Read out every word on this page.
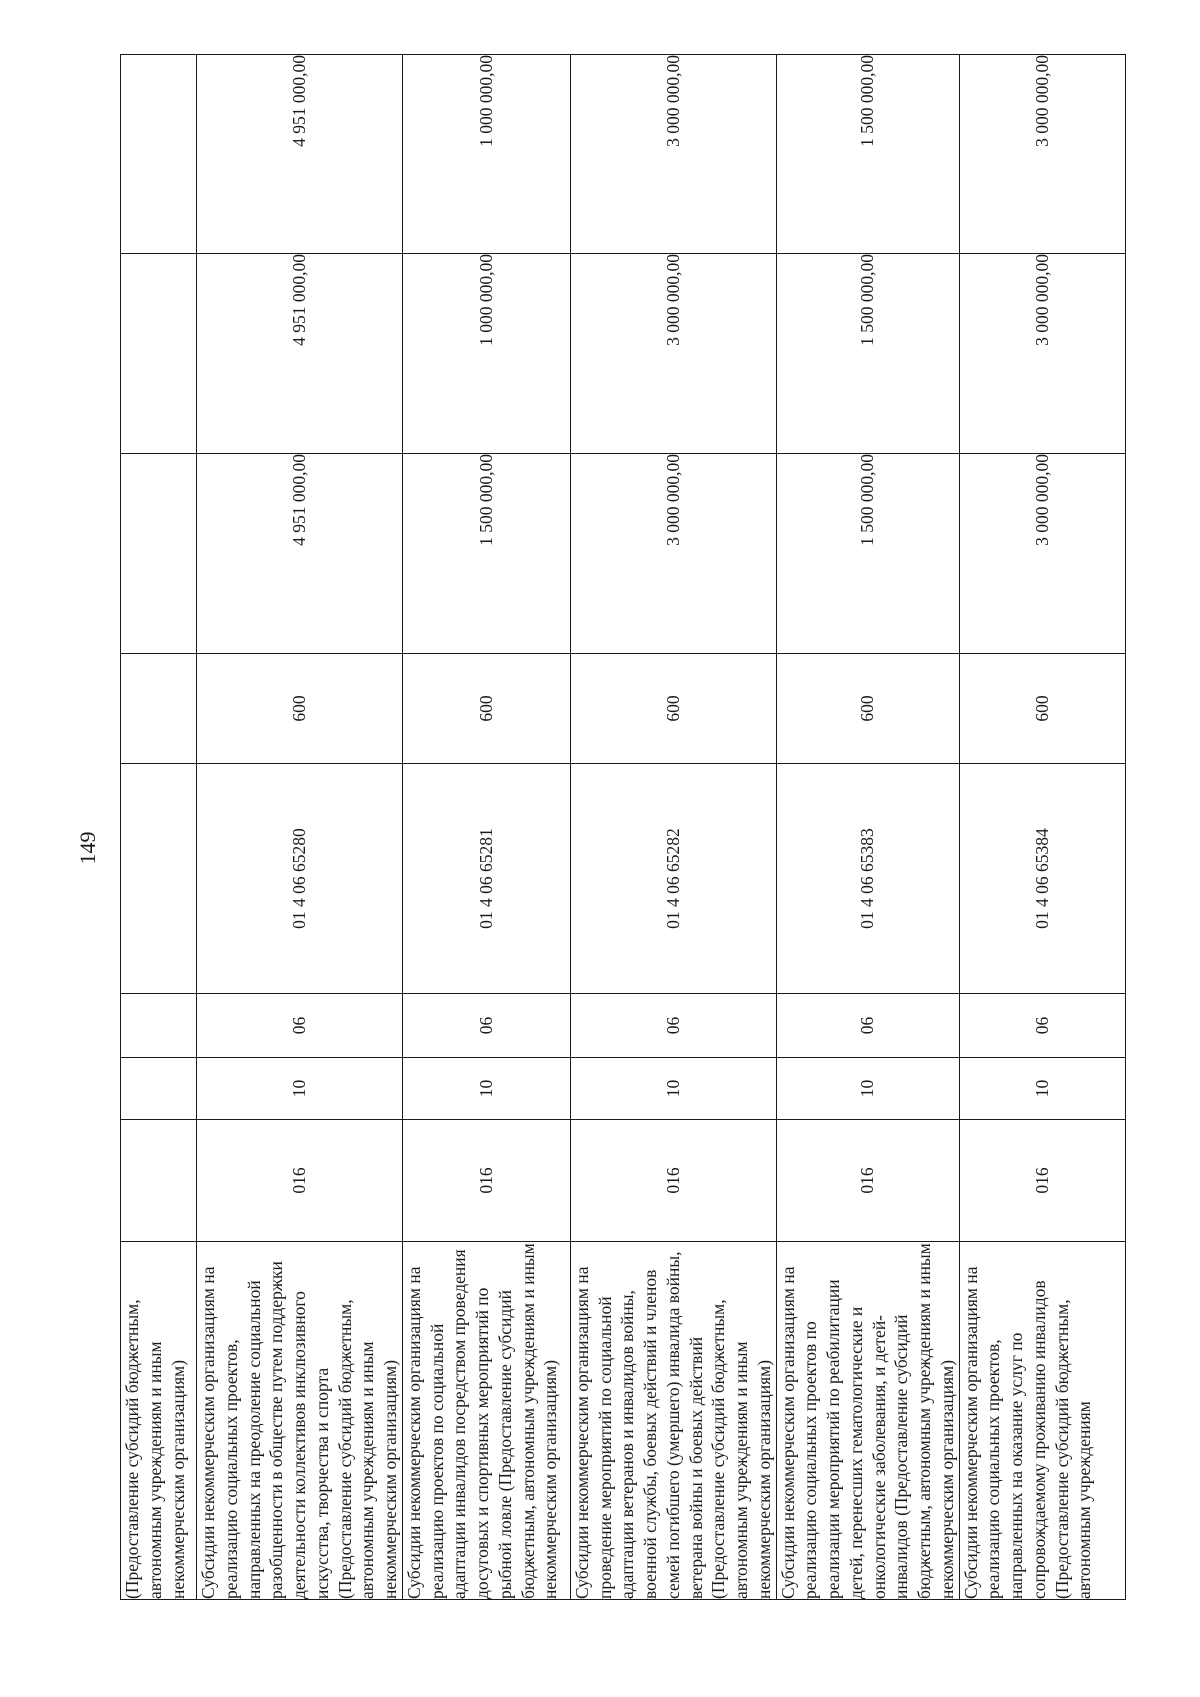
149
(Предоставление субсидий бюджетным, автономным учреждениям и иным некоммерческим организациям)								
Субсидии некоммерческим организациям на реализацию социальных проектов, направленных на преодоление социальной разобщенности в обществе путем поддержки деятельности коллективов инклюзивного искусства, творчества и спорта (Предоставление субсидий бюджетным, автономным учреждениям и иным некоммерческим организациям)	016	10	06	01 4 06 65280	600	4 951 000,00	4 951 000,00	4 951 000,00
Субсидии некоммерческим организациям на реализацию проектов по социальной адаптации инвалидов посредством проведения досуговых и спортивных мероприятий по рыбной ловле (Предоставление субсидий бюджетным, автономным учреждениям и иным некоммерческим организациям)	016	10	06	01 4 06 65281	600	1 500 000,00	1 000 000,00	1 000 000,00
Субсидии некоммерческим организациям на проведение мероприятий по социальной адаптации ветеранов и инвалидов войны, военной службы, боевых действий и членов семей погибшего (умершего) инвалида войны, ветерана войны и боевых действий (Предоставление субсидий бюджетным, автономным учреждениям и иным некоммерческим организациям)	016	10	06	01 4 06 65282	600	3 000 000,00	3 000 000,00	3 000 000,00
Субсидии некоммерческим организациям на реализацию социальных проектов по реализации мероприятий по реабилитации детей, перенесших гематологические и онкологические заболевания, и детей-инвалидов (Предоставление субсидий бюджетным, автономным учреждениям и иным некоммерческим организациям)	016	10	06	01 4 06 65383	600	1 500 000,00	1 500 000,00	1 500 000,00
Субсидии некоммерческим организациям на реализацию социальных проектов, направленных на оказание услуг по сопровождаемому проживанию инвалидов (Предоставление субсидий бюджетным, автономным учреждениям	016	10	06	01 4 06 65384	600	3 000 000,00	3 000 000,00	3 000 000,00
